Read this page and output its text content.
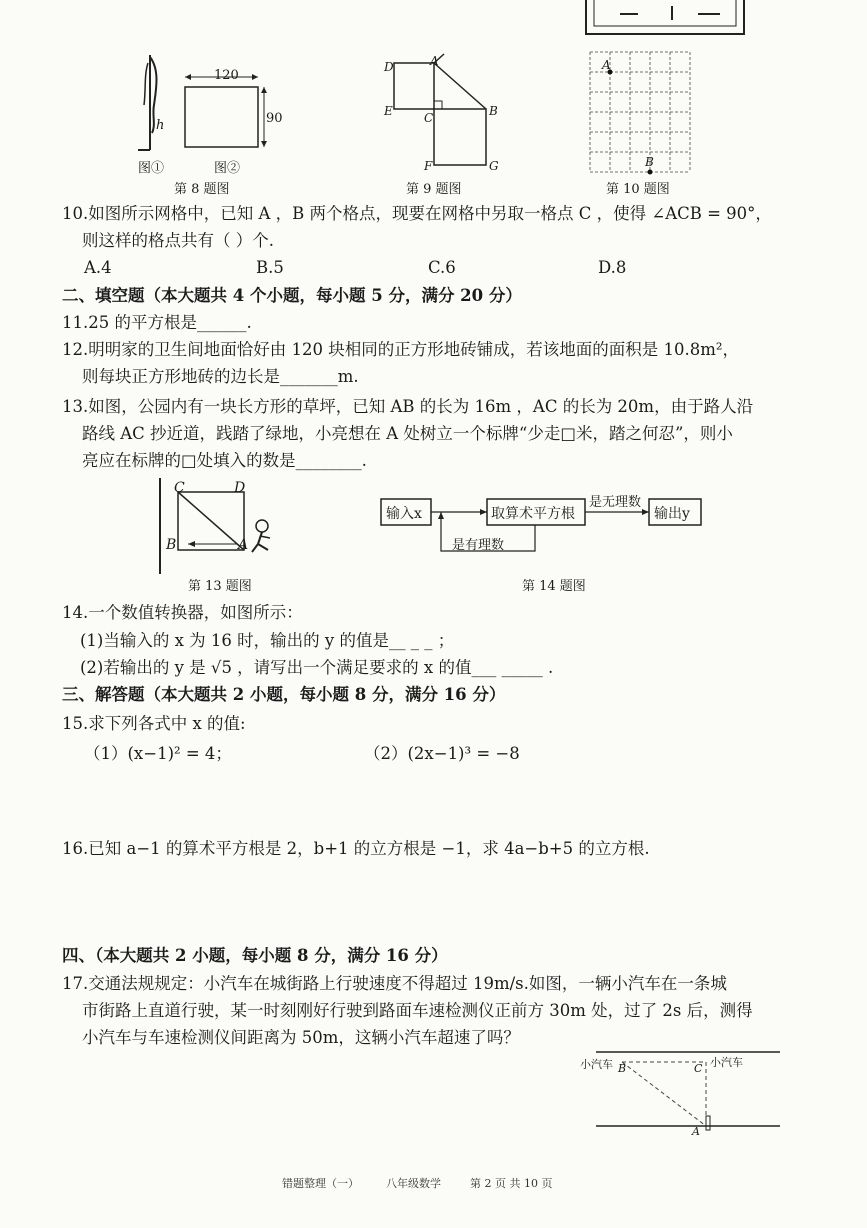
h
120
90
图①	图②
第 8 题图
D	A
E	C	B
F	G
第 9 题图
A
B
第 10 题图
10.如图所示网格中，已知 A ，B 两个格点，现要在网格中另取一格点 C ，使得 ∠ACB = 90°，
则这样的格点共有（ ）个.
A.4	B.5	C.6	D.8
二、填空题（本大题共 4 个小题，每小题 5 分，满分 20 分）
11.25 的平方根是______.
12.明明家的卫生间地面恰好由 120 块相同的正方形地砖铺成，若该地面的面积是 10.8m²，
则每块正方形地砖的边长是_______m.
13.如图，公园内有一块长方形的草坪，已知 AB 的长为 16m ，AC 的长为 20m，由于路人沿
路线 AC 抄近道，践踏了绿地，小亮想在 A 处树立一个标牌“少走□米，踏之何忍”，则小
亮应在标牌的□处填入的数是________.
C	D
B	A
第 13 题图
输入x	取算术平方根	输出y
是无理数
是有理数
第 14 题图
14.一个数值转换器，如图所示：
(1)当输入的 x 为 16 时，输出的 y 的值是__ _ _ ；
(2)若输出的 y 是 √5 ，请写出一个满足要求的 x 的值___ _____ .
三、解答题（本大题共 2 小题，每小题 8 分，满分 16 分）
15.求下列各式中 x 的值:
（1）(x−1)² = 4；	（2）(2x−1)³ = −8
16.已知 a−1 的算术平方根是 2，b+1 的立方根是 −1，求 4a−b+5 的立方根.
四、（本大题共 2 小题，每小题 8 分，满分 16 分）
17.交通法规规定：小汽车在城街路上行驶速度不得超过 19m/s.如图，一辆小汽车在一条城
市街路上直道行驶，某一时刻刚好行驶到路面车速检测仪正前方 30m 处，过了 2s 后，测得
小汽车与车速检测仪间距离为 50m，这辆小汽车超速了吗？
小汽车	小汽车
B	C
A
错题整理（一） 八年级数学	第 2 页 共 10 页
